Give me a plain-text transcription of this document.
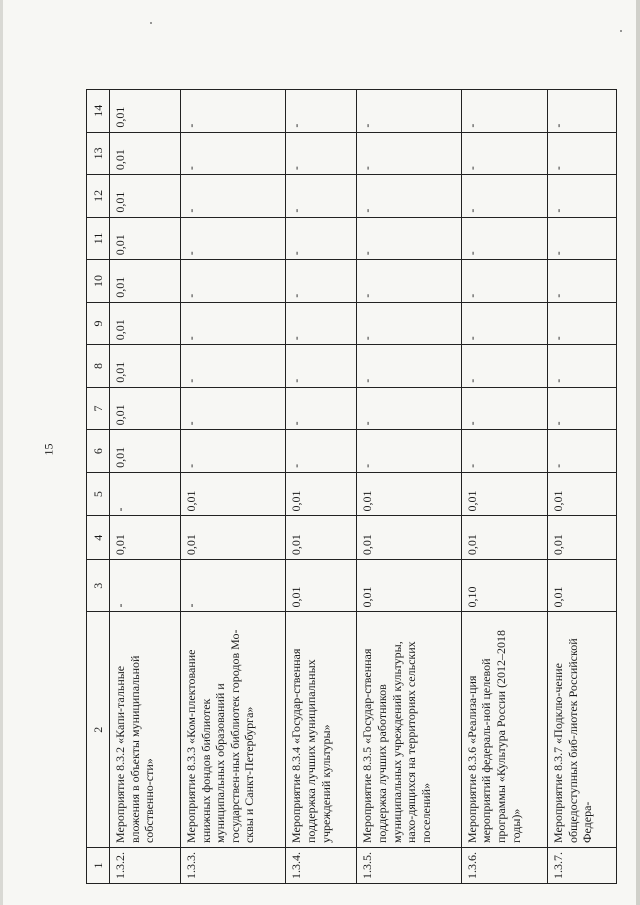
15
1	2	3	4	5	6	7	8	9	10	11	12	13	14
1.3.2.	Мероприятие 8.3.2 «Капи-тальные вложения в объекты муниципальной собственно-сти»	-	0,01	-	0,01	0,01	0,01	0,01	0,01	0,01	0,01	0,01	0,01
1.3.3.	Мероприятие 8.3.3 «Ком-плектование книжных фондов библиотек муниципальных образований и государствен-ных библиотек городов Мо-сквы и Санкт-Петербурга»	-	0,01	0,01	-	-	-	-	-	-	-	-	-
1.3.4.	Мероприятие 8.3.4 «Государ-ственная поддержка лучших муниципальных учреждений культуры»	0,01	0,01	0,01	-	-	-	-	-	-	-	-	-
1.3.5.	Мероприятие 8.3.5 «Государ-ственная поддержка лучших работников муниципальных учреждений культуры, нахо-дящихся на территориях сельских поселений»	0,01	0,01	0,01	-	-	-	-	-	-	-	-	-
1.3.6.	Мероприятие 8.3.6 «Реализа-ция мероприятий федераль-ной целевой программы «Культура России (2012–2018 годы)»	0,10	0,01	0,01	-	-	-	-	-	-	-	-	-
1.3.7.	Мероприятие 8.3.7 «Подклю-чение общедоступных биб-лиотек Российской Федера-	0,01	0,01	0,01	-	-	-	-	-	-	-	-	-
